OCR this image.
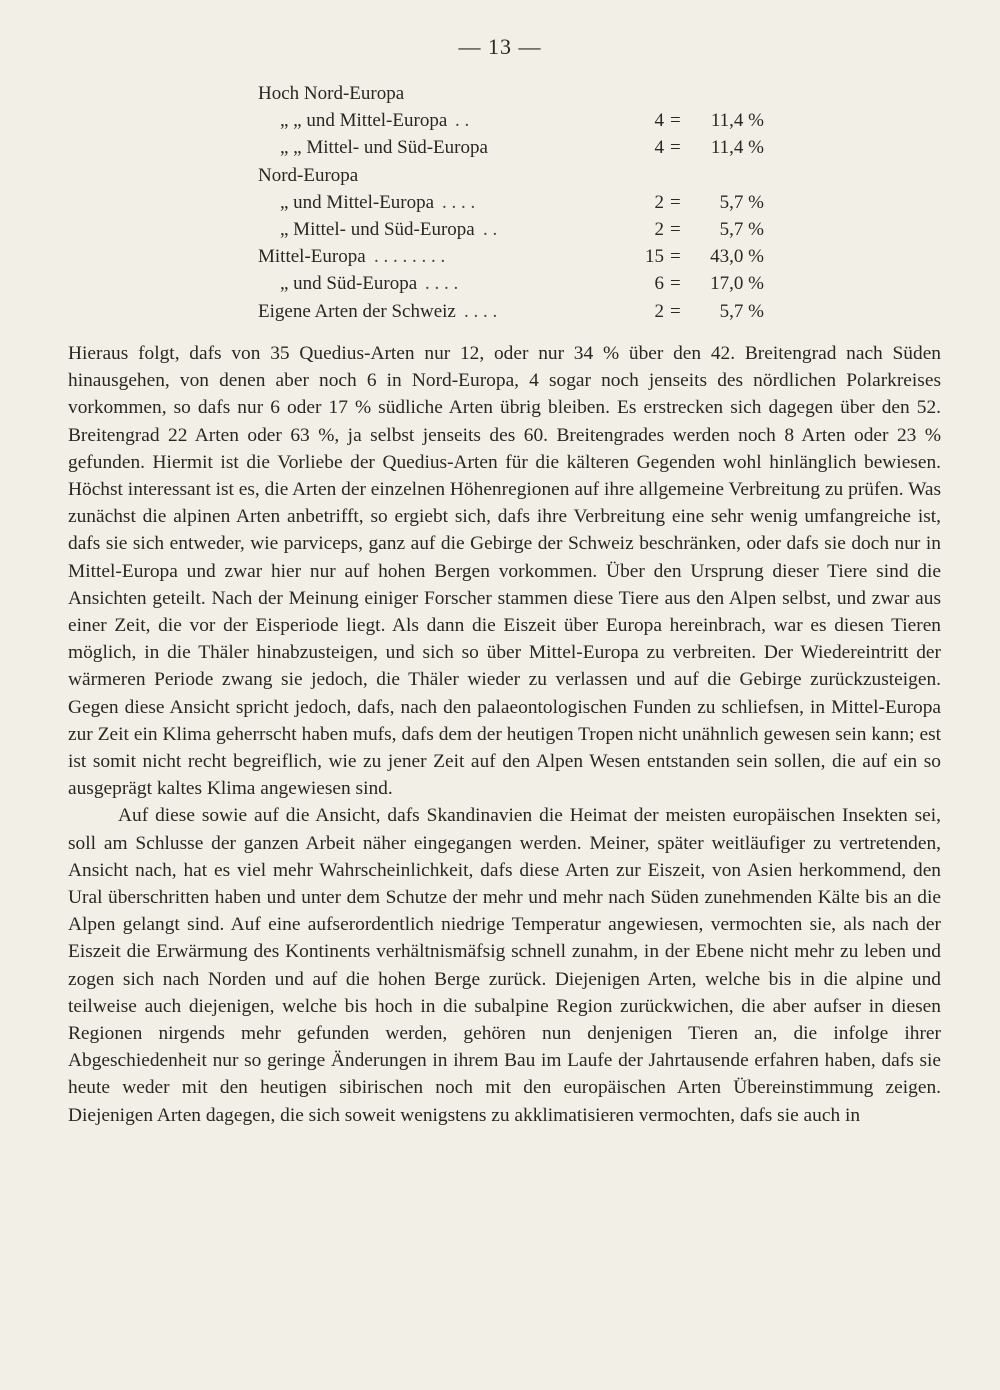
— 13 —
Hoch Nord-Europa
„ „ und Mittel-Europa . .	4 =	11,4 %
„ „ Mittel- und Süd-Europa	4 =	11,4 %
Nord-Europa
„ und Mittel-Europa . . . .	2 =	5,7 %
„ Mittel- und Süd-Europa . .	2 =	5,7 %
Mittel-Europa . . . . . . . .	15 =	43,0 %
„ und Süd-Europa . . . .	6 =	17,0 %
Eigene Arten der Schweiz . . . .	2 =	5,7 %

Hieraus folgt, dafs von 35 Quedius-Arten nur 12, oder nur 34 % über den 42. Breitengrad nach Süden hinausgehen, von denen aber noch 6 in Nord-Europa, 4 sogar noch jenseits des nördlichen Polarkreises vorkommen, so dafs nur 6 oder 17 % südliche Arten übrig bleiben. Es erstrecken sich dagegen über den 52. Breitengrad 22 Arten oder 63 %, ja selbst jenseits des 60. Breitengrades werden noch 8 Arten oder 23 % gefunden. Hiermit ist die Vorliebe der Quedius-Arten für die kälteren Gegenden wohl hinlänglich bewiesen. Höchst interessant ist es, die Arten der einzelnen Höhenregionen auf ihre allgemeine Verbreitung zu prüfen. Was zunächst die alpinen Arten anbetrifft, so ergiebt sich, dafs ihre Verbreitung eine sehr wenig umfangreiche ist, dafs sie sich entweder, wie parviceps, ganz auf die Gebirge der Schweiz beschränken, oder dafs sie doch nur in Mittel-Europa und zwar hier nur auf hohen Bergen vorkommen. Über den Ursprung dieser Tiere sind die Ansichten geteilt. Nach der Meinung einiger Forscher stammen diese Tiere aus den Alpen selbst, und zwar aus einer Zeit, die vor der Eisperiode liegt. Als dann die Eiszeit über Europa hereinbrach, war es diesen Tieren möglich, in die Thäler hinabzusteigen, und sich so über Mittel-Europa zu verbreiten. Der Wiedereintritt der wärmeren Periode zwang sie jedoch, die Thäler wieder zu verlassen und auf die Gebirge zurückzusteigen. Gegen diese Ansicht spricht jedoch, dafs, nach den palaeontologischen Funden zu schliefsen, in Mittel-Europa zur Zeit ein Klima geherrscht haben mufs, dafs dem der heutigen Tropen nicht unähnlich gewesen sein kann; est ist somit nicht recht begreiflich, wie zu jener Zeit auf den Alpen Wesen entstanden sein sollen, die auf ein so ausgeprägt kaltes Klima angewiesen sind.

Auf diese sowie auf die Ansicht, dafs Skandinavien die Heimat der meisten europäischen Insekten sei, soll am Schlusse der ganzen Arbeit näher eingegangen werden. Meiner, später weitläufiger zu vertretenden, Ansicht nach, hat es viel mehr Wahrscheinlichkeit, dafs diese Arten zur Eiszeit, von Asien herkommend, den Ural überschritten haben und unter dem Schutze der mehr und mehr nach Süden zunehmenden Kälte bis an die Alpen gelangt sind. Auf eine aufserordentlich niedrige Temperatur angewiesen, vermochten sie, als nach der Eiszeit die Erwärmung des Kontinents verhältnismäfsig schnell zunahm, in der Ebene nicht mehr zu leben und zogen sich nach Norden und auf die hohen Berge zurück. Diejenigen Arten, welche bis in die alpine und teilweise auch diejenigen, welche bis hoch in die subalpine Region zurückwichen, die aber aufser in diesen Regionen nirgends mehr gefunden werden, gehören nun denjenigen Tieren an, die infolge ihrer Abgeschiedenheit nur so geringe Änderungen in ihrem Bau im Laufe der Jahrtausende erfahren haben, dafs sie heute weder mit den heutigen sibirischen noch mit den europäischen Arten Übereinstimmung zeigen. Diejenigen Arten dagegen, die sich soweit wenigstens zu akklimatisieren vermochten, dafs sie auch in
